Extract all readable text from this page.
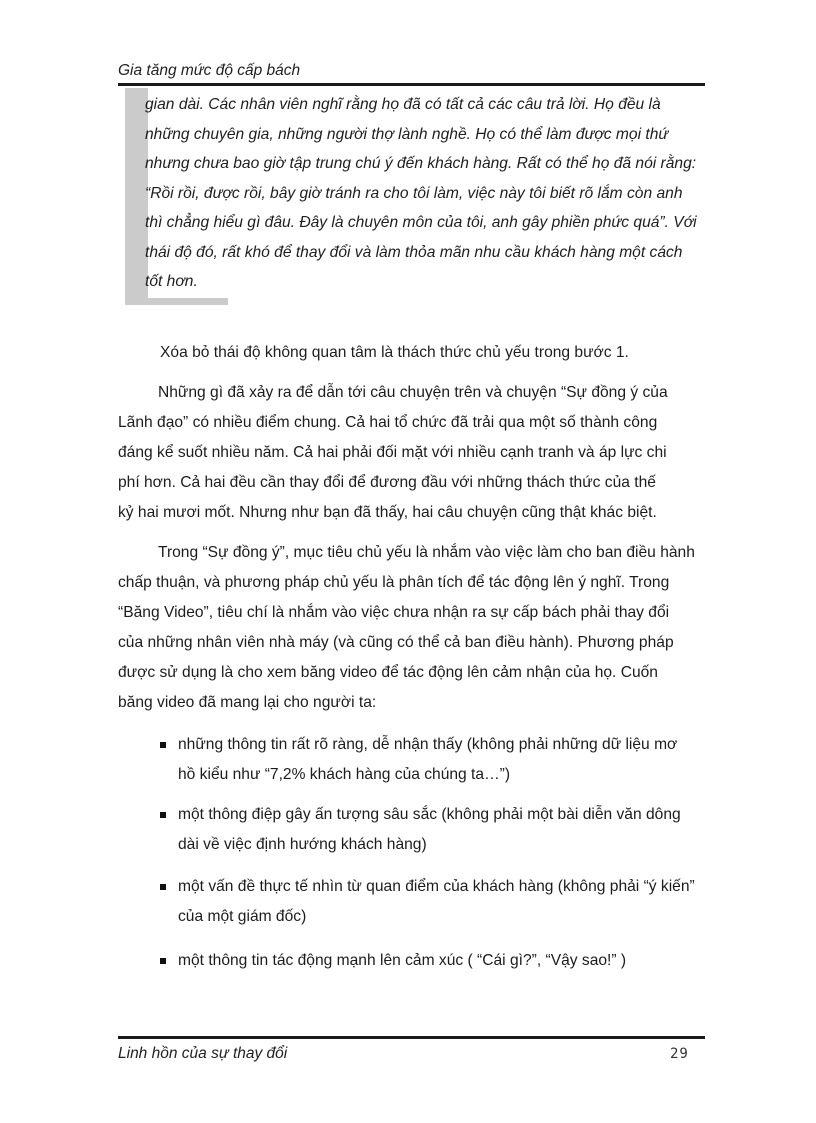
Gia tăng mức độ cấp bách

gian dài. Các nhân viên nghĩ rằng họ đã có tất cả các câu trả lời. Họ đều là
những chuyên gia, những người thợ lành nghề. Họ có thể làm được mọi thứ
nhưng chưa bao giờ tập trung chú ý đến khách hàng. Rất có thể họ đã nói rằng:
“Rồi rồi, được rồi, bây giờ tránh ra cho tôi làm, việc này tôi biết rõ lắm còn anh
thì chẳng hiểu gì đâu. Đây là chuyên môn của tôi, anh gây phiền phức quá”. Với
thái độ đó, rất khó để thay đổi và làm thỏa mãn nhu cầu khách hàng một cách
tốt hơn.

Xóa bỏ thái độ không quan tâm là thách thức chủ yếu trong bước 1.

Những gì đã xảy ra để dẫn tới câu chuyện trên và chuyện “Sự đồng ý của
Lãnh đạo” có nhiều điểm chung. Cả hai tổ chức đã trải qua một số thành công
đáng kể suốt nhiều năm. Cả hai phải đối mặt với nhiều cạnh tranh và áp lực chi
phí hơn. Cả hai đều cần thay đổi để đương đầu với những thách thức của thế
kỷ hai mươi mốt. Nhưng như bạn đã thấy, hai câu chuyện cũng thật khác biệt.

Trong “Sự đồng ý”, mục tiêu chủ yếu là nhắm vào việc làm cho ban điều hành
chấp thuận, và phương pháp chủ yếu là phân tích để tác động lên ý nghĩ. Trong
“Băng Video”, tiêu chí là nhắm vào việc chưa nhận ra sự cấp bách phải thay đổi
của những nhân viên nhà máy (và cũng có thể cả ban điều hành). Phương pháp
được sử dụng là cho xem băng video để tác động lên cảm nhận của họ. Cuốn
băng video đã mang lại cho người ta:

những thông tin rất rõ ràng, dễ nhận thấy (không phải những dữ liệu mơ
hồ kiểu như “7,2% khách hàng của chúng ta…”)
một thông điệp gây ấn tượng sâu sắc (không phải một bài diễn văn dông
dài về việc định hướng khách hàng)
một vấn đề thực tế nhìn từ quan điểm của khách hàng (không phải “ý kiến”
của một giám đốc)
một thông tin tác động mạnh lên cảm xúc ( “Cái gì?”, “Vậy sao!” )
Linh hồn của sự thay đổi	29
